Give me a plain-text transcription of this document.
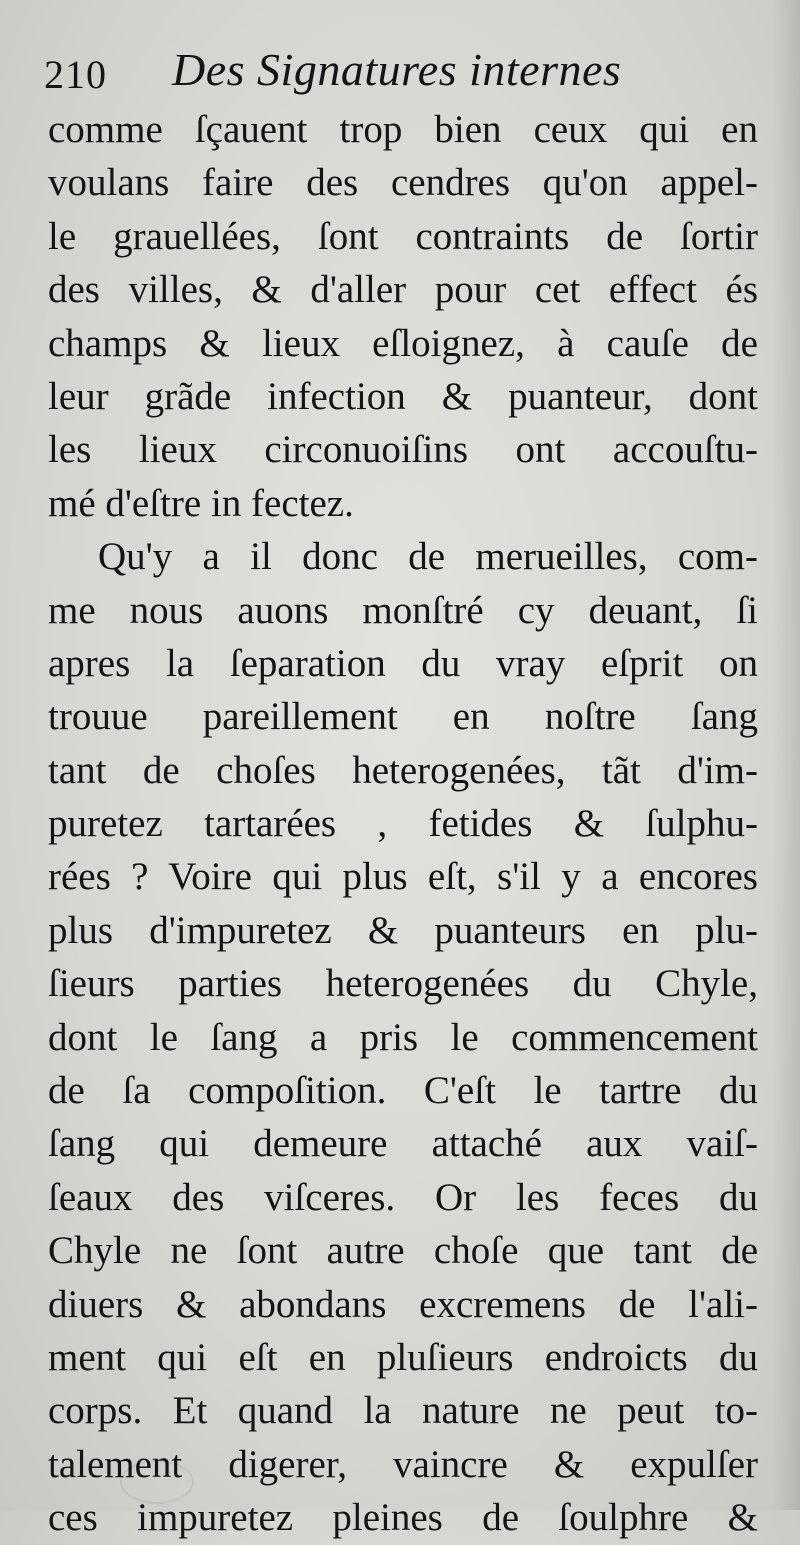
210 Des Signatures internes
comme ſçauent trop bien ceux qui en
voulans faire des cendres qu'on appel-
le grauellées, ſont contraints de ſortir
des villes, & d'aller pour cet effect és
champs & lieux eſloignez, à cauſe de
leur grãde infection & puanteur, dont
les lieux circonuoiſins ont accouſtu-
mé d'eſtre in fectez.
Qu'y a il donc de merueilles, com-
me nous auons monſtré cy deuant, ſi
apres la ſeparation du vray eſprit on
trouue pareillement en noſtre ſang
tant de choſes heterogenées, tãt d'im-
puretez tartarées , fetides & ſulphu-
rées ? Voire qui plus eſt, s'il y a encores
plus d'impuretez & puanteurs en plu-
ſieurs parties heterogenées du Chyle,
dont le ſang a pris le commencement
de ſa compoſition. C'eſt le tartre du
ſang qui demeure attaché aux vaiſ-
ſeaux des viſceres. Or les feces du
Chyle ne ſont autre choſe que tant de
diuers & abondans excremens de l'ali-
ment qui eſt en pluſieurs endroicts du
corps. Et quand la nature ne peut to-
talement digerer, vaincre & expulſer
ces impuretez pleines de ſoulphre &
